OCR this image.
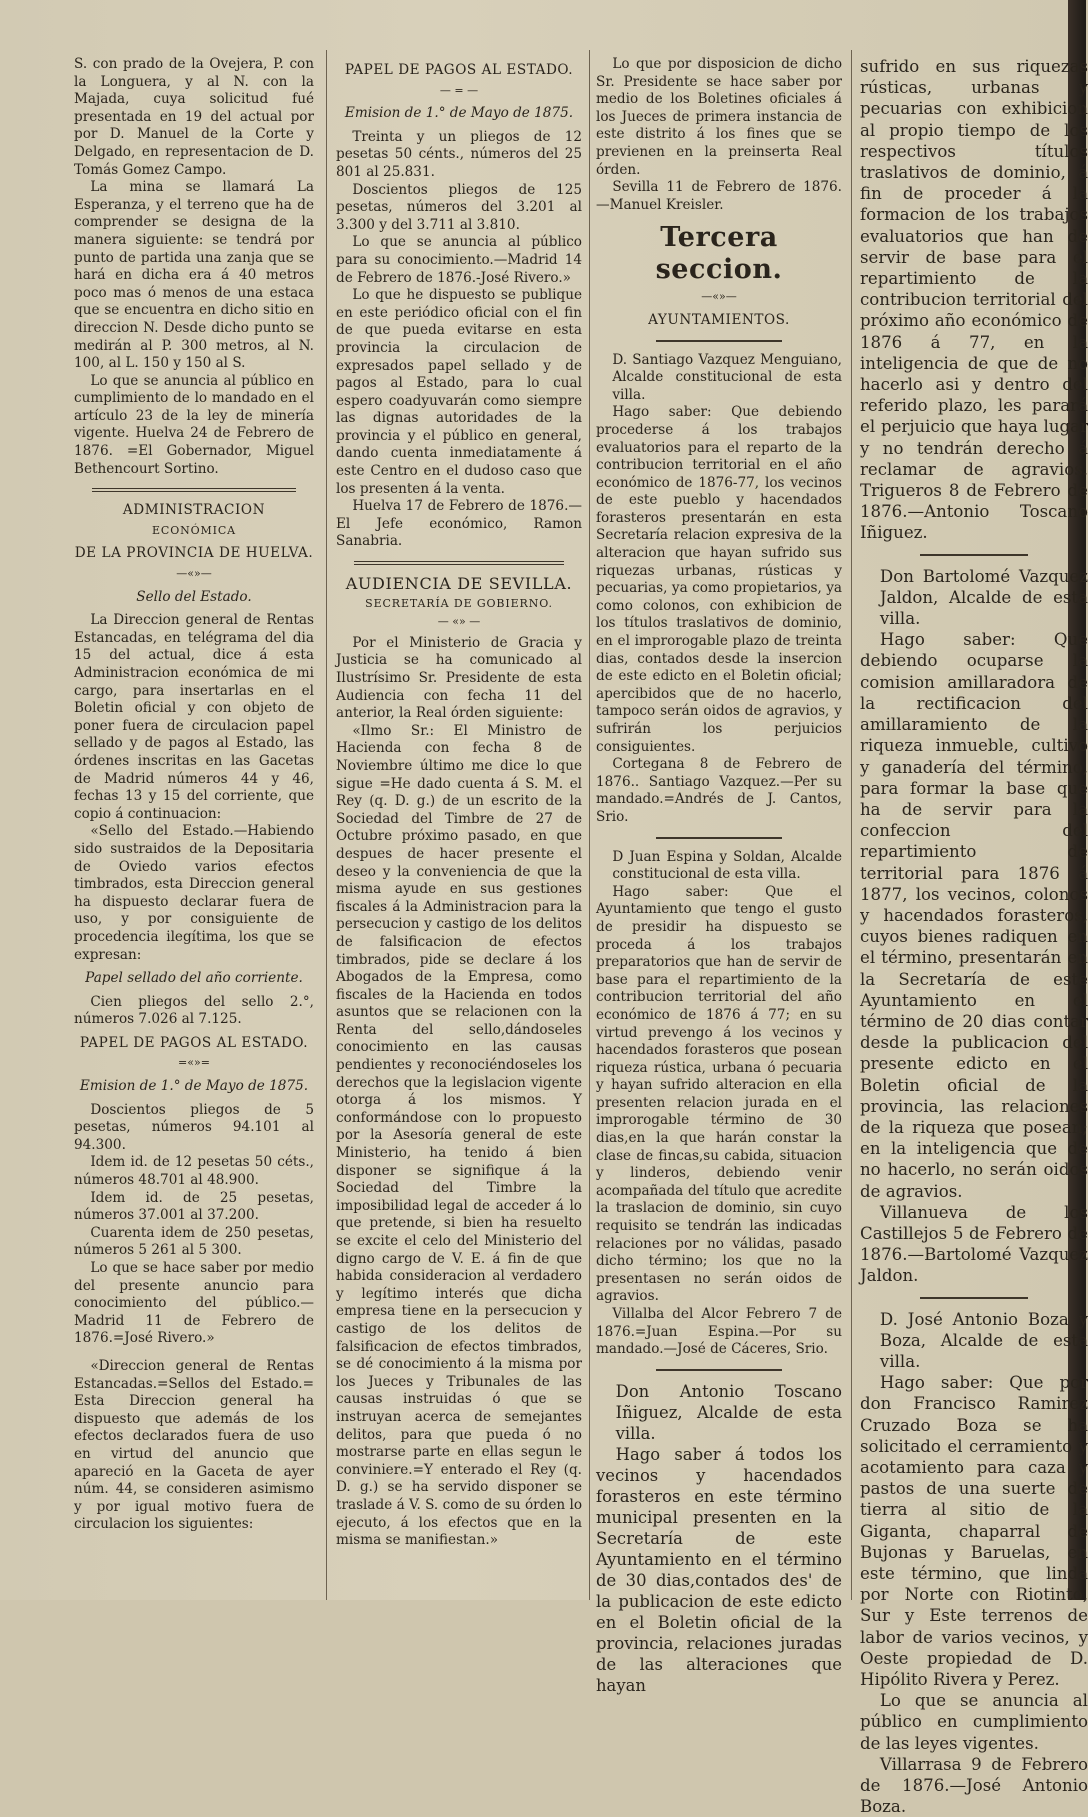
S. con prado de la Ovejera, P. con la Longuera, y al N. con la Majada, cuya solicitud fué presentada en 19 del actual por por D. Manuel de la Corte y Delgado, en representacion de D. Tomás Gomez Campo.

La mina se llamará La Esperanza, y el terreno que ha de comprender se designa de la manera siguiente: se tendrá por punto de partida una zanja que se hará en dicha era á 40 metros poco mas ó menos de una estaca que se encuentra en dicho sitio en direccion N. Desde dicho punto se medirán al P. 300 metros, al N. 100, al L. 150 y 150 al S.

Lo que se anuncia al público en cumplimiento de lo mandado en el artículo 23 de la ley de minería vigente. Huelva 24 de Febrero de 1876. =El Gobernador, Miguel Bethencourt Sortino.

ADMINISTRACION
ECONÓMICA
DE LA PROVINCIA DE HUELVA.
—«»—
Sello del Estado.

La Direccion general de Rentas Estancadas, en telégrama del dia 15 del actual, dice á esta Administracion económica de mi cargo, para insertarlas en el Boletin oficial y con objeto de poner fuera de circulacion papel sellado y de pagos al Estado, las órdenes inscritas en las Gacetas de Madrid números 44 y 46, fechas 13 y 15 del corriente, que copio á continuacion:

«Sello del Estado.—Habiendo sido sustraidos de la Depositaria de Oviedo varios efectos timbrados, esta Direccion general ha dispuesto declarar fuera de uso, y por consiguiente de procedencia ilegítima, los que se expresan:

Papel sellado del año corriente.

Cien pliegos del sello 2.°, números 7.026 al 7.125.

PAPEL DE PAGOS AL ESTADO.
=«»=
Emision de 1.° de Mayo de 1875.

Doscientos pliegos de 5 pesetas, números 94.101 al 94.300.

Idem id. de 12 pesetas 50 céts., números 48.701 al 48.900.

Idem id. de 25 pesetas, números 37.001 al 37.200.

Cuarenta idem de 250 pesetas, números 5 261 al 5 300.

Lo que se hace saber por medio del presente anuncio para conocimiento del público.—Madrid 11 de Febrero de 1876.=José Rivero.»

«Direccion general de Rentas Estancadas.=Sellos del Estado.= Esta Direccion general ha dispuesto que además de los efectos declarados fuera de uso en virtud del anuncio que apareció en la Gaceta de ayer núm. 44, se consideren asimismo y por igual motivo fuera de circulacion los siguientes:

PAPEL DE PAGOS AL ESTADO.
— = —
Emision de 1.° de Mayo de 1875.

Treinta y un pliegos de 12 pesetas 50 cénts., números del 25 801 al 25.831.

Doscientos pliegos de 125 pesetas, números del 3.201 al 3.300 y del 3.711 al 3.810.

Lo que se anuncia al público para su conocimiento.—Madrid 14 de Febrero de 1876.-José Rivero.»

Lo que he dispuesto se publique en este periódico oficial con el fin de que pueda evitarse en esta provincia la circulacion de expresados papel sellado y de pagos al Estado, para lo cual espero coadyuvarán como siempre las dignas autoridades de la provincia y el público en general, dando cuenta inmediatamente á este Centro en el dudoso caso que los presenten á la venta.

Huelva 17 de Febrero de 1876.—El Jefe económico, Ramon Sanabria.

AUDIENCIA DE SEVILLA.
SECRETARÍA DE GOBIERNO.
— «» —

Por el Ministerio de Gracia y Justicia se ha comunicado al Ilustrísimo Sr. Presidente de esta Audiencia con fecha 11 del anterior, la Real órden siguiente:

«Ilmo Sr.: El Ministro de Hacienda con fecha 8 de Noviembre último me dice lo que sigue =He dado cuenta á S. M. el Rey (q. D. g.) de un escrito de la Sociedad del Timbre de 27 de Octubre próximo pasado, en que despues de hacer presente el deseo y la conveniencia de que la misma ayude en sus gestiones fiscales á la Administracion para la persecucion y castigo de los delitos de falsificacion de efectos timbrados, pide se declare á los Abogados de la Empresa, como fiscales de la Hacienda en todos asuntos que se relacionen con la Renta del sello,dándoseles conocimiento en las causas pendientes y reconociéndoseles los derechos que la legislacion vigente otorga á los mismos. Y conformándose con lo propuesto por la Asesoría general de este Ministerio, ha tenido á bien disponer se signifique á la Sociedad del Timbre la imposibilidad legal de acceder á lo que pretende, si bien ha resuelto se excite el celo del Ministerio del digno cargo de V. E. á fin de que habida consideracion al verdadero y legítimo interés que dicha empresa tiene en la persecucion y castigo de los delitos de falsificacion de efectos timbrados, se dé conocimiento á la misma por los Jueces y Tribunales de las causas instruidas ó que se instruyan acerca de semejantes delitos, para que pueda ó no mostrarse parte en ellas segun le conviniere.=Y enterado el Rey (q. D. g.) se ha servido disponer se traslade á V. S. como de su órden lo ejecuto, á los efectos que en la misma se manifiestan.»

Lo que por disposicion de dicho Sr. Presidente se hace saber por medio de los Boletines oficiales á los Jueces de primera instancia de este distrito á los fines que se previenen en la preinserta Real órden.

Sevilla 11 de Febrero de 1876. —Manuel Kreisler.

Tercera seccion.
—«»—
AYUNTAMIENTOS.

D. Santiago Vazquez Menguiano, Alcalde constitucional de esta villa.

Hago saber: Que debiendo procederse á los trabajos evaluatorios para el reparto de la contribucion territorial en el año económico de 1876-77, los vecinos de este pueblo y hacendados forasteros presentarán en esta Secretaría relacion expresiva de la alteracion que hayan sufrido sus riquezas urbanas, rústicas y pecuarias, ya como propietarios, ya como colonos, con exhibicion de los títulos traslativos de dominio, en el improrogable plazo de treinta dias, contados desde la insercion de este edicto en el Boletin oficial; apercibidos que de no hacerlo, tampoco serán oidos de agravios, y sufrirán los perjuicios consiguientes.

Cortegana 8 de Febrero de 1876.. Santiago Vazquez.—Per su mandado.=Andrés de J. Cantos, Srio.

D Juan Espina y Soldan, Alcalde constitucional de esta villa.

Hago saber: Que el Ayuntamiento que tengo el gusto de presidir ha dispuesto se proceda á los trabajos preparatorios que han de servir de base para el repartimiento de la contribucion territorial del año económico de 1876 á 77; en su virtud prevengo á los vecinos y hacendados forasteros que posean riqueza rústica, urbana ó pecuaria y hayan sufrido alteracion en ella presenten relacion jurada en el improrogable término de 30 dias,en la que harán constar la clase de fincas,su cabida, situacion y linderos, debiendo venir acompañada del título que acredite la traslacion de dominio, sin cuyo requisito se tendrán las indicadas relaciones por no válidas, pasado dicho término; los que no la presentasen no serán oidos de agravios.

Villalba del Alcor Febrero 7 de 1876.=Juan Espina.—Por su mandado.—José de Cáceres, Srio.

Don Antonio Toscano Iñiguez, Alcalde de esta villa.

Hago saber á todos los vecinos y hacendados forasteros en este término municipal presenten en la Secretaría de este Ayuntamiento en el término de 30 dias,contados des' de la publicacion de este edicto en el Boletin oficial de la provincia, relaciones juradas de las alteraciones que hayan

sufrido en sus riquezas rústicas, urbanas y pecuarias con exhibicion al propio tiempo de los respectivos títulos traslativos de dominio, á fin de proceder á la formacion de los trabajos evaluatorios que han de servir de base para el repartimiento de la contribucion territorial del próximo año económico de 1876 á 77, en la inteligencia de que de no hacerlo asi y dentro del referido plazo, les parará el perjuicio que haya lugar y no tendrán derecho á reclamar de agravios. Trigueros 8 de Febrero de 1876.—Antonio Toscano Iñiguez.

Don Bartolomé Vazquez Jaldon, Alcalde de esta villa.

Hago saber: Que debiendo ocuparse la comision amillaradora de la rectificacion del amillaramiento de la riqueza inmueble, cultivo y ganadería del término, para formar la base que ha de servir para la confeccion del repartimiento de territorial para 1876 á 1877, los vecinos, colonos y hacendados forasteros, cuyos bienes radiquen en el término, presentarán en la Secretaría de este Ayuntamiento en el término de 20 dias contar desde la publicacion del presente edicto en el Boletin oficial de la provincia, las relaciones de la riqueza que posean; en la inteligencia que de no hacerlo, no serán oidos de agravios.

Villanueva de los Castillejos 5 de Febrero de 1876.—Bartolomé Vazquez Jaldon.

D. José Antonio Boza y Boza, Alcalde de esta villa.

Hago saber: Que por don Francisco Ramirez Cruzado Boza se ha solicitado el cerramiento y acotamiento para caza y pastos de una suerte de tierra al sitio de la Giganta, chaparral de Bujonas y Baruelas, en este término, que linda por Norte con Riotinto, Sur y Este terrenos de labor de varios vecinos, y Oeste propiedad de D. Hipólito Rivera y Perez.

Lo que se anuncia al público en cumplimiento de las leyes vigentes.

Villarrasa 9 de Febrero de 1876.—José Antonio Boza.
